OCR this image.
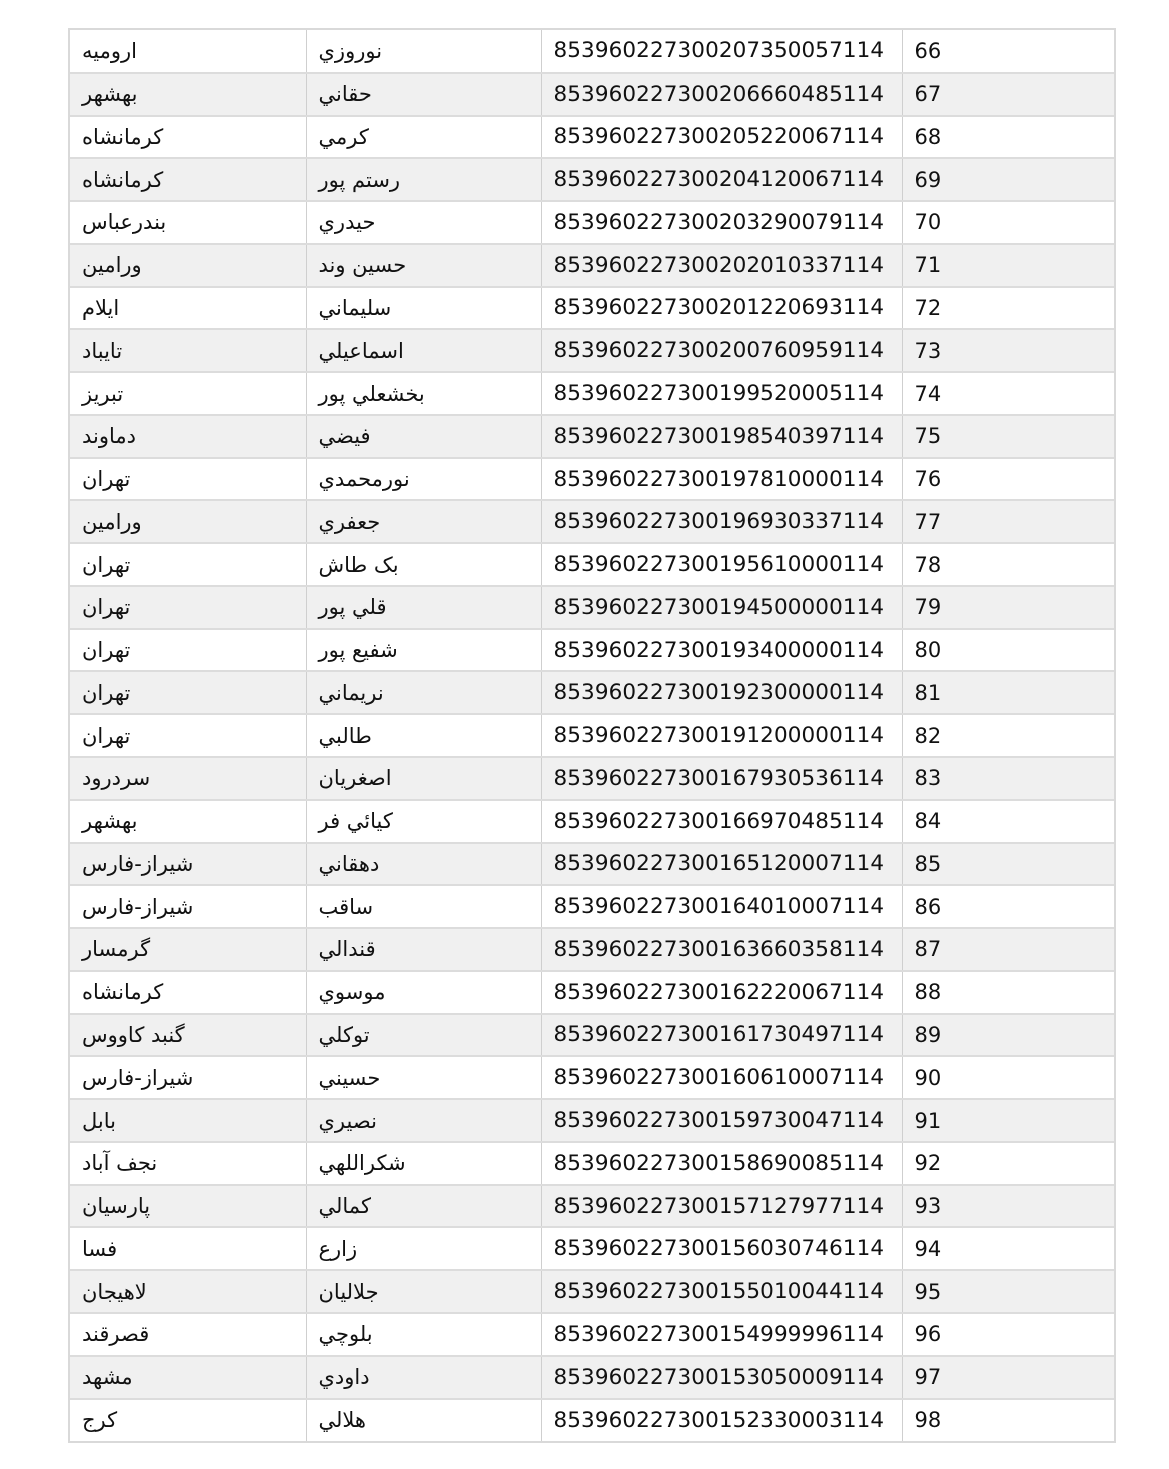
ارومیه	نوروزي	853960227300207350057114	66
بهشهر	حقاني	853960227300206660485114	67
کرمانشاه	کرمي	853960227300205220067114	68
کرمانشاه	رستم پور	853960227300204120067114	69
بندرعباس	حيدري	853960227300203290079114	70
ورامين	حسين وند	853960227300202010337114	71
ايلام	سليماني	853960227300201220693114	72
تایباد	اسماعيلي	853960227300200760959114	73
تبريز	بخشعلي پور	853960227300199520005114	74
دماوند	فيضي	853960227300198540397114	75
تهران	نورمحمدي	853960227300197810000114	76
ورامين	جعفري	853960227300196930337114	77
تهران	بک طاش	853960227300195610000114	78
تهران	قلي پور	853960227300194500000114	79
تهران	شفيع پور	853960227300193400000114	80
تهران	نريماني	853960227300192300000114	81
تهران	طالبي	853960227300191200000114	82
سردرود	اصغريان	853960227300167930536114	83
بهشهر	کيائي فر	853960227300166970485114	84
شيراز-فارس	دهقاني	853960227300165120007114	85
شيراز-فارس	ساقب	853960227300164010007114	86
گرمسار	قندالي	853960227300163660358114	87
کرمانشاه	موسوي	853960227300162220067114	88
گنبد کاووس	توکلي	853960227300161730497114	89
شيراز-فارس	حسيني	853960227300160610007114	90
بابل	نصيري	853960227300159730047114	91
نجف آباد	شکراللهي	853960227300158690085114	92
پارسيان	کمالي	853960227300157127977114	93
فسا	زارع	853960227300156030746114	94
لاهيجان	جلاليان	853960227300155010044114	95
قصرقند	بلوچي	853960227300154999996114	96
مشهد	داودي	853960227300153050009114	97
کرج	هلالي	853960227300152330003114	98
